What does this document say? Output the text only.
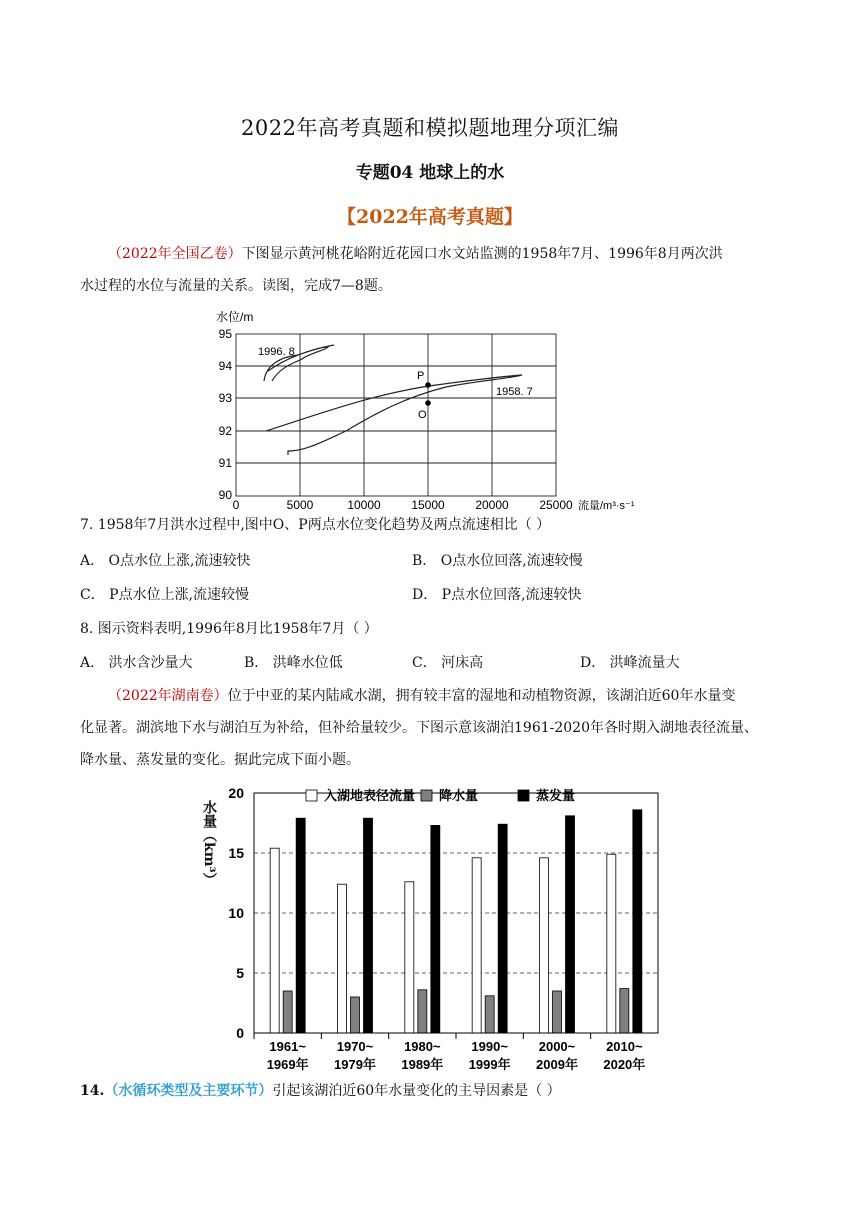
2022年高考真题和模拟题地理分项汇编
专题04 地球上的水
【2022年高考真题】
（2022年全国乙卷）下图显示黄河桃花峪附近花园口水文站监测的1958年7月、1996年8月两次洪
水过程的水位与流量的关系。读图，完成7—8题。
水位/m
95
94
93
92
91
90
0	5000	10000	15000	20000	25000 流量/m³·s⁻¹
1996. 8
1958. 7
P
O
7. 1958年7月洪水过程中,图中O、P两点水位变化趋势及两点流速相比（ ）
A． O点水位上涨,流速较快	B． O点水位回落,流速较慢
C． P点水位上涨,流速较慢	D． P点水位回落,流速较快
8. 图示资料表明,1996年8月比1958年7月（ ）
A． 洪水含沙量大	B． 洪峰水位低	C． 河床高	D． 洪峰流量大
（2022年湖南卷）位于中亚的某内陆咸水湖，拥有较丰富的湿地和动植物资源，该湖泊近60年水量变
化显著。湖滨地下水与湖泊互为补给，但补给量较少。下图示意该湖泊1961-2020年各时期入湖地表径流量、
降水量、蒸发量的变化。据此完成下面小题。
0
5
10
15
20
1961~
1969年
1970~
1979年
1980~
1989年
1990~
1999年
2000~
2009年
2010~
2020年
入湖地表径流量 降水量	蒸发量
水量（km³）
14.（水循环类型及主要环节）引起该湖泊近60年水量变化的主导因素是（ ）
